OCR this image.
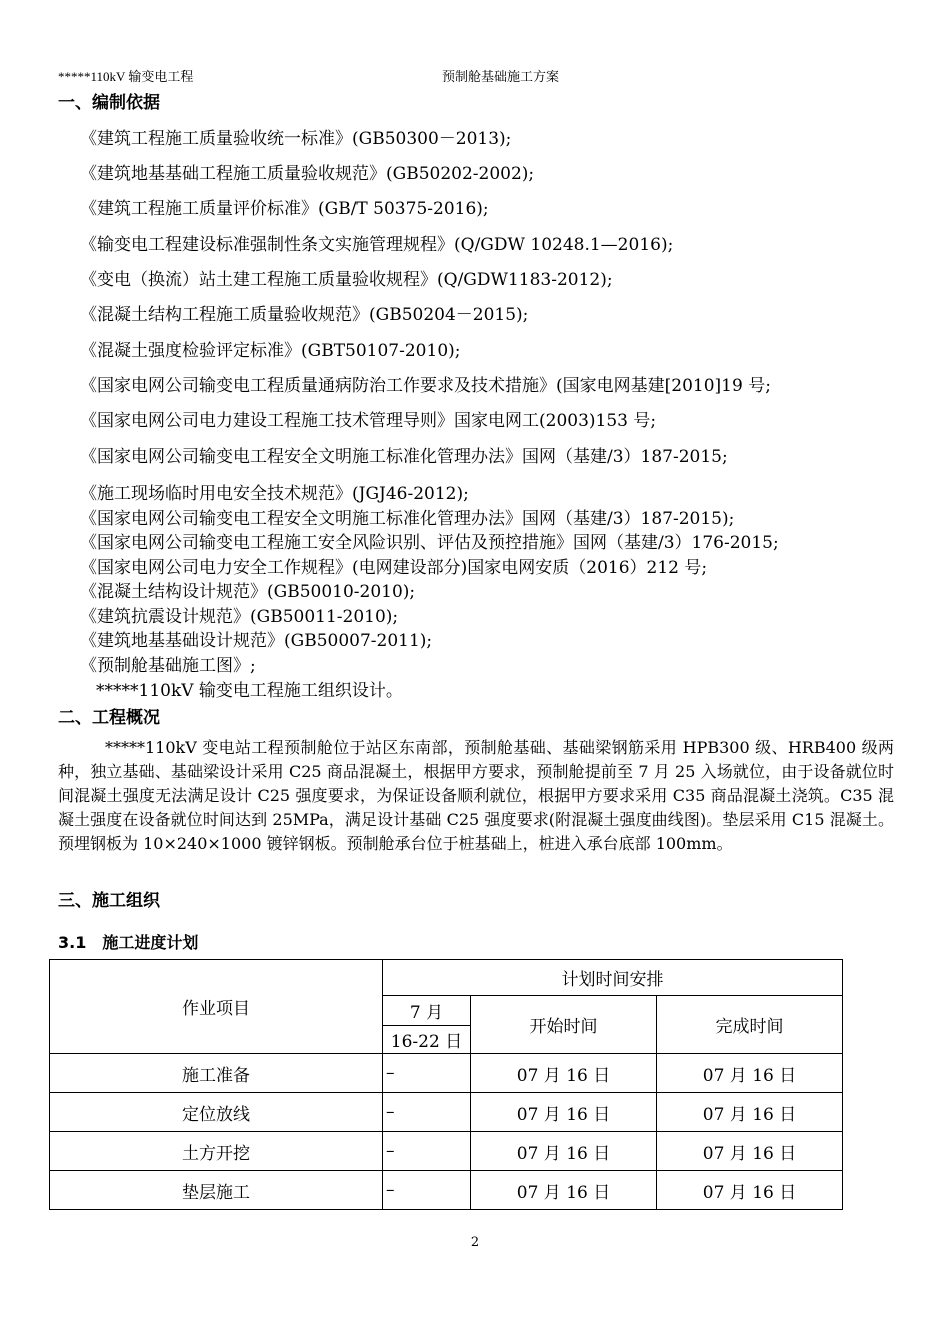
*****110kV 输变电工程	预制舱基础施工方案
一、编制依据
《建筑工程施工质量验收统一标准》(GB50300－2013);
《建筑地基基础工程施工质量验收规范》(GB50202-2002);
《建筑工程施工质量评价标准》(GB/T 50375-2016);
《输变电工程建设标准强制性条文实施管理规程》(Q/GDW 10248.1—2016);
《变电（换流）站土建工程施工质量验收规程》(Q/GDW1183-2012);
《混凝土结构工程施工质量验收规范》(GB50204－2015);
《混凝土强度检验评定标准》(GBT50107-2010);
《国家电网公司输变电工程质量通病防治工作要求及技术措施》(国家电网基建[2010]19 号;
《国家电网公司电力建设工程施工技术管理导则》国家电网工(2003)153 号;
《国家电网公司输变电工程安全文明施工标准化管理办法》国网（基建/3）187-2015;
《施工现场临时用电安全技术规范》(JGJ46-2012);
《国家电网公司输变电工程安全文明施工标准化管理办法》国网（基建/3）187-2015);
《国家电网公司输变电工程施工安全风险识别、评估及预控措施》国网（基建/3）176-2015;
《国家电网公司电力安全工作规程》(电网建设部分)国家电网安质（2016）212 号;
《混凝土结构设计规范》(GB50010-2010);
《建筑抗震设计规范》(GB50011-2010);
《建筑地基基础设计规范》(GB50007-2011);
《预制舱基础施工图》;
*****110kV 输变电工程施工组织设计。
二、工程概况
*****110kV 变电站工程预制舱位于站区东南部，预制舱基础、基础梁钢筋采用 HPB300 级、HRB400 级两种，独立基础、基础梁设计采用 C25 商品混凝土，根据甲方要求，预制舱提前至 7 月 25 入场就位，由于设备就位时间混凝土强度无法满足设计 C25 强度要求，为保证设备顺利就位，根据甲方要求采用 C35 商品混凝土浇筑。C35 混凝土强度在设备就位时间达到 25MPa，满足设计基础 C25 强度要求(附混凝土强度曲线图)。垫层采用 C15 混凝土。 预埋钢板为 10×240×1000 镀锌钢板。预制舱承台位于桩基础上，桩进入承台底部 100mm。
三、施工组织
3.1　施工进度计划
作业项目	计划时间安排		
	7 月	开始时间	完成时间
	16-22 日		
施工准备	–	07 月 16 日	07 月 16 日
定位放线	–	07 月 16 日	07 月 16 日
土方开挖	–	07 月 16 日	07 月 16 日
垫层施工	–	07 月 16 日	07 月 16 日
2
